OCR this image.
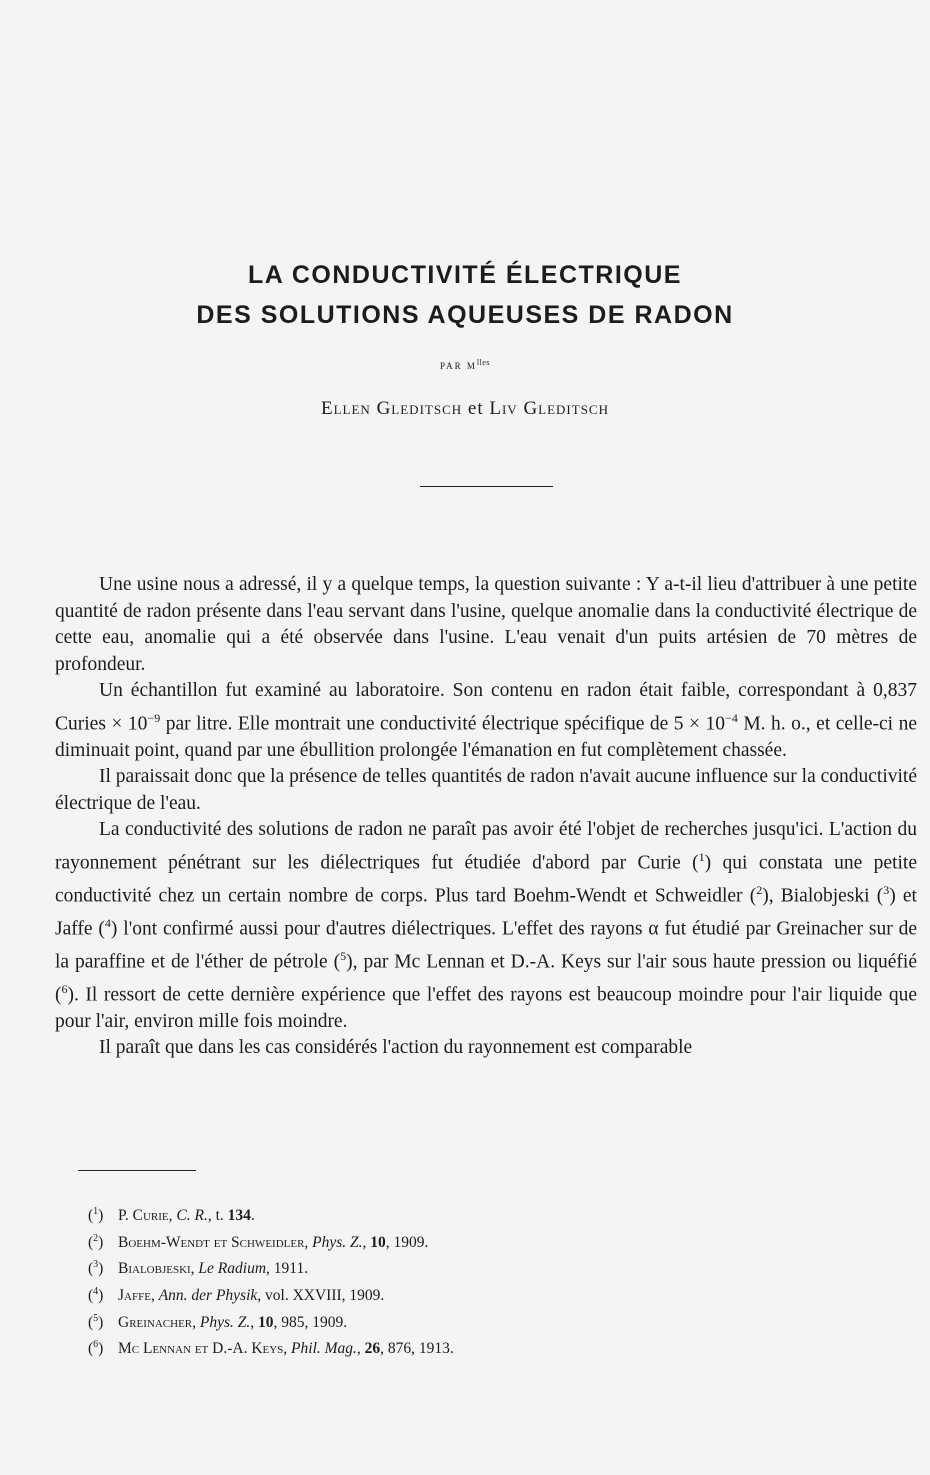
LA CONDUCTIVITÉ ÉLECTRIQUE
DES SOLUTIONS AQUEUSES DE RADON
PAR $M^{lles}$
Ellen Gleditsch et Liv Gleditsch

Une usine nous a adressé, il y a quelque temps, la question suivante : Y a-t-il lieu d'attribuer à une petite quantité de radon présente dans l'eau servant dans l'usine, quelque anomalie dans la conductivité électrique de cette eau, anomalie qui a été observée dans l'usine. L'eau venait d'un puits artésien de 70 mètres de profondeur.

Un échantillon fut examiné au laboratoire. Son contenu en radon était faible, correspondant à 0,837 Curies × $10^{-9}$ par litre. Elle montrait une conductivité électrique spécifique de $5 \times 10^{-4}$ M. h. o., et celle-ci ne diminuait point, quand par une ébullition prolongée l'émanation en fut complètement chassée.

Il paraissait donc que la présence de telles quantités de radon n'avait aucune influence sur la conductivité électrique de l'eau.

La conductivité des solutions de radon ne paraît pas avoir été l'objet de recherches jusqu'ici. L'action du rayonnement pénétrant sur les diélectriques fut étudiée d'abord par Curie ($^1$) qui constata une petite conductivité chez un certain nombre de corps. Plus tard Boehm-Wendt et Schweidler ($^2$), Bialobjeski ($^3$) et Jaffe ($^4$) l'ont confirmé aussi pour d'autres diélectriques. L'effet des rayons α fut étudié par Greinacher sur de la paraffine et de l'éther de pétrole ($^5$), par Mc Lennan et D.-A. Keys sur l'air sous haute pression ou liquéfié ($^6$). Il ressort de cette dernière expérience que l'effet des rayons est beaucoup moindre pour l'air liquide que pour l'air, environ mille fois moindre.

Il paraît que dans les cas considérés l'action du rayonnement est comparable

($^1$) P. Curie, C. R., t. 134.
($^2$) Boehm-Wendt et Schweidler, Phys. Z., 10, 1909.
($^3$) Bialobjeski, Le Radium, 1911.
($^4$) Jaffe, Ann. der Physik, vol. XXVIII, 1909.
($^5$) Greinacher, Phys. Z., 10, 985, 1909.
($^6$) Mc Lennan et D.-A. Keys, Phil. Mag., 26, 876, 1913.
